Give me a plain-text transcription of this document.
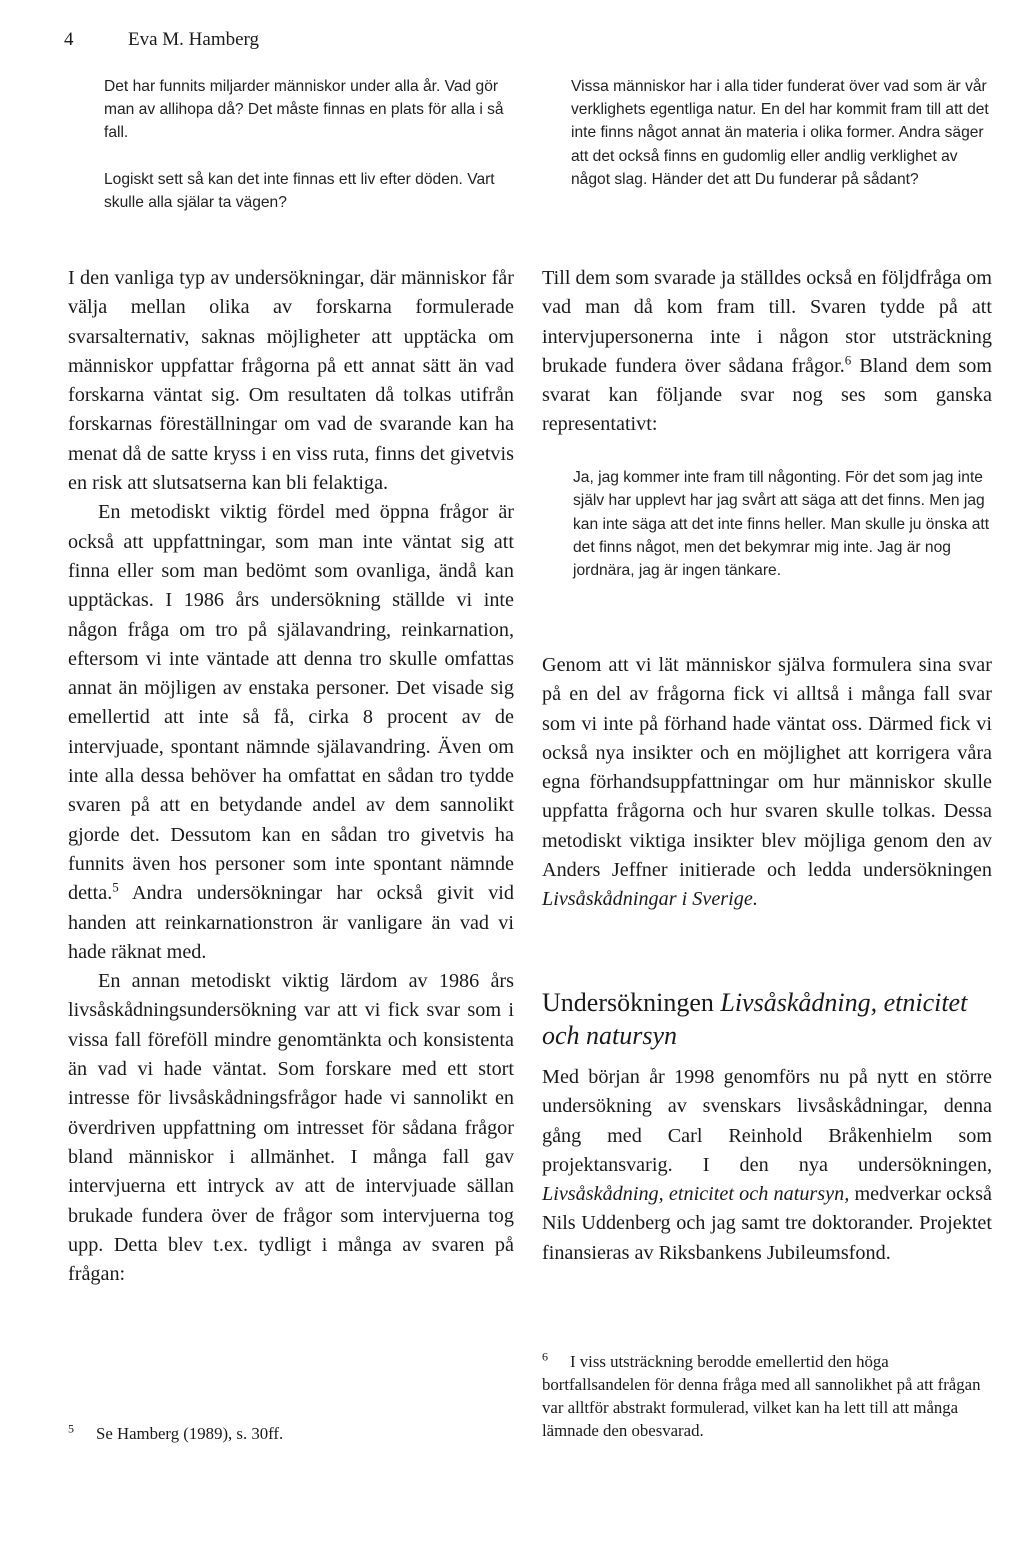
4	Eva M. Hamberg

Det har funnits miljarder människor under alla år. Vad gör man av allihopa då? Det måste finnas en plats för alla i så fall.

Logiskt sett så kan det inte finnas ett liv efter döden. Vart skulle alla själar ta vägen?

Vissa människor har i alla tider funderat över vad som är vår verklighets egentliga natur. En del har kommit fram till att det inte finns något annat än materia i olika former. Andra säger att det också finns en gudomlig eller andlig verklighet av något slag. Händer det att Du funderar på sådant?

I den vanliga typ av undersökningar, där människor får välja mellan olika av forskarna formulerade svarsalternativ, saknas möjligheter att upptäcka om människor uppfattar frågorna på ett annat sätt än vad forskarna väntat sig. Om resultaten då tolkas utifrån forskarnas föreställningar om vad de svarande kan ha menat då de satte kryss i en viss ruta, finns det givetvis en risk att slutsatserna kan bli felaktiga.

En metodiskt viktig fördel med öppna frågor är också att uppfattningar, som man inte väntat sig att finna eller som man bedömt som ovanliga, ändå kan upptäckas. I 1986 års undersökning ställde vi inte någon fråga om tro på själavandring, reinkarnation, eftersom vi inte väntade att denna tro skulle omfattas annat än möjligen av enstaka personer. Det visade sig emellertid att inte så få, cirka 8 procent av de intervjuade, spontant nämnde själavandring. Även om inte alla dessa behöver ha omfattat en sådan tro tydde svaren på att en betydande andel av dem sannolikt gjorde det. Dessutom kan en sådan tro givetvis ha funnits även hos personer som inte spontant nämnde detta.$^5$ Andra undersökningar har också givit vid handen att reinkarnationstron är vanligare än vad vi hade räknat med.

En annan metodiskt viktig lärdom av 1986 års livsåskådningsundersökning var att vi fick svar som i vissa fall föreföll mindre genomtänkta och konsistenta än vad vi hade väntat. Som forskare med ett stort intresse för livsåskådningsfrågor hade vi sannolikt en överdriven uppfattning om intresset för sådana frågor bland människor i allmänhet. I många fall gav intervjuerna ett intryck av att de intervjuade sällan brukade fundera över de frågor som intervjuerna tog upp. Detta blev t.ex. tydligt i många av svaren på frågan:

Till dem som svarade ja ställdes också en följdfråga om vad man då kom fram till. Svaren tydde på att intervjupersonerna inte i någon stor utsträckning brukade fundera över sådana frågor.$^6$ Bland dem som svarat kan följande svar nog ses som ganska representativt:

Ja, jag kommer inte fram till någonting. För det som jag inte själv har upplevt har jag svårt att säga att det finns. Men jag kan inte säga att det inte finns heller. Man skulle ju önska att det finns något, men det bekymrar mig inte. Jag är nog jordnära, jag är ingen tänkare.

Genom att vi lät människor själva formulera sina svar på en del av frågorna fick vi alltså i många fall svar som vi inte på förhand hade väntat oss. Därmed fick vi också nya insikter och en möjlighet att korrigera våra egna förhandsuppfattningar om hur människor skulle uppfatta frågorna och hur svaren skulle tolkas. Dessa metodiskt viktiga insikter blev möjliga genom den av Anders Jeffner initierade och ledda undersökningen Livsåskådningar i Sverige.

Undersökningen Livsåskådning, etnicitet och natursyn

Med början år 1998 genomförs nu på nytt en större undersökning av svenskars livsåskådningar, denna gång med Carl Reinhold Bråkenhielm som projektansvarig. I den nya undersökningen, Livsåskådning, etnicitet och natursyn, medverkar också Nils Uddenberg och jag samt tre doktorander. Projektet finansieras av Riksbankens Jubileumsfond.

$^5$ Se Hamberg (1989), s. 30ff.
$^6$ I viss utsträckning berodde emellertid den höga bortfallsandelen för denna fråga med all sannolikhet på att frågan var alltför abstrakt formulerad, vilket kan ha lett till att många lämnade den obesvarad.
